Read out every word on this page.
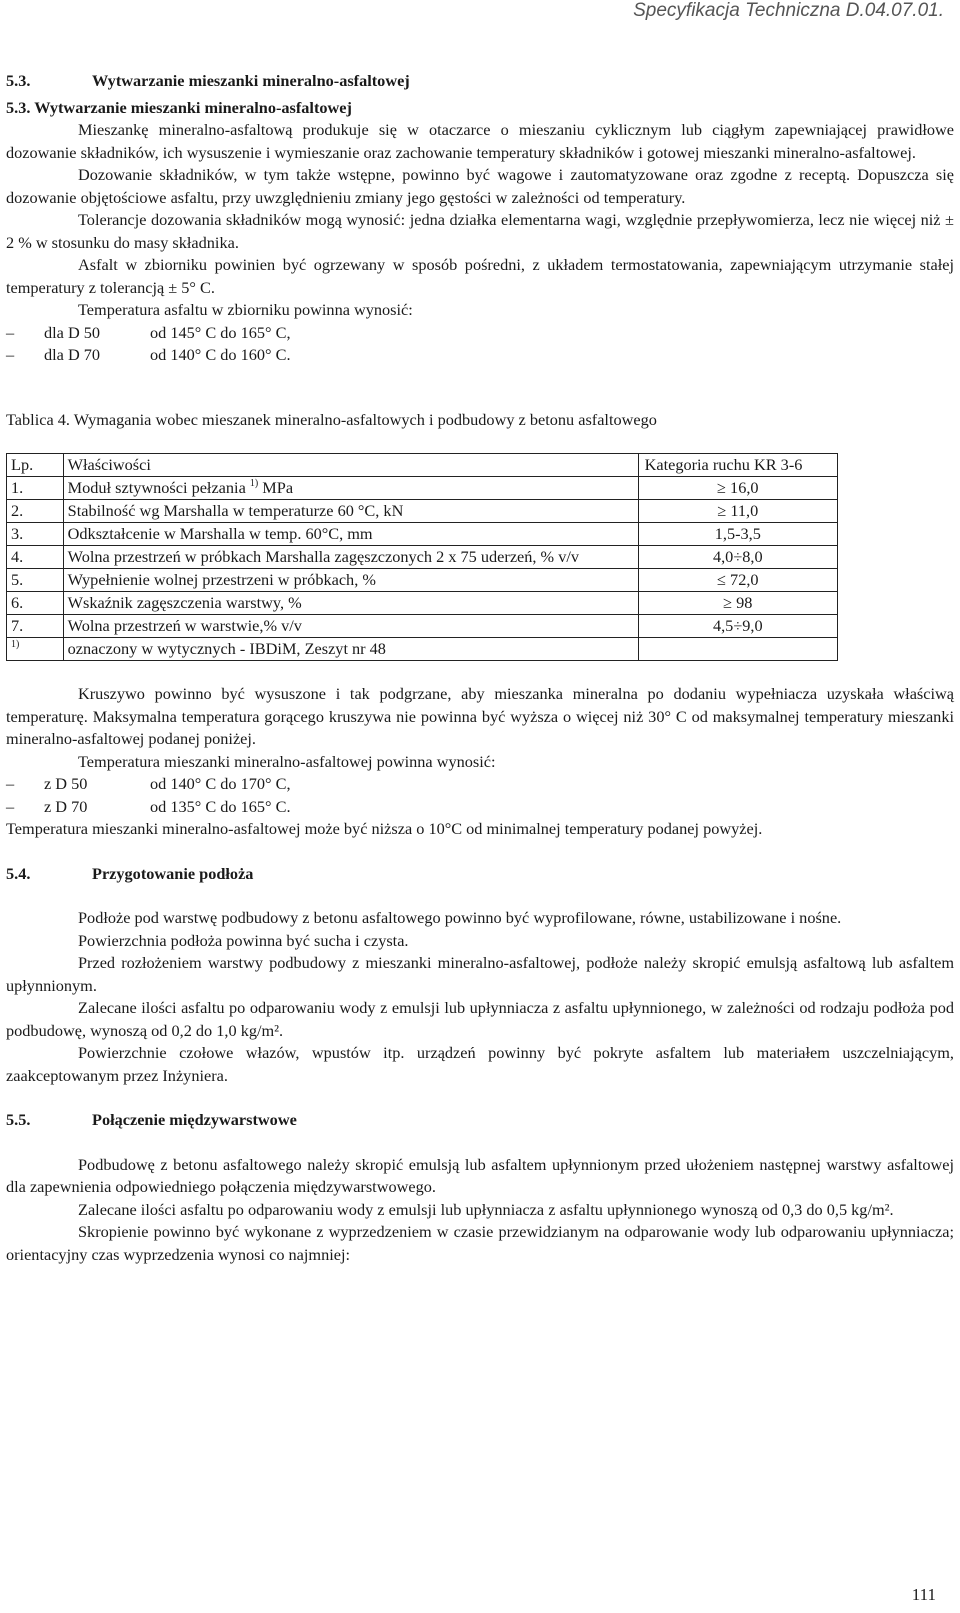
Specyfikacja Techniczna D.04.07.01.

5.3.	Wytwarzanie mieszanki mineralno-asfaltowej

5.3. Wytwarzanie mieszanki mineralno-asfaltowej

Mieszankę mineralno-asfaltową produkuje się w otaczarce o mieszaniu cyklicznym lub ciągłym zapewniającej prawidłowe dozowanie składników, ich wysuszenie i wymieszanie oraz zachowanie temperatury składników i gotowej mieszanki mineralno-asfaltowej.

Dozowanie składników, w tym także wstępne, powinno być wagowe i zautomatyzowane oraz zgodne z receptą. Dopuszcza się dozowanie objętościowe asfaltu, przy uwzględnieniu zmiany jego gęstości w zależności od temperatury.

Tolerancje dozowania składników mogą wynosić: jedna działka elementarna wagi, względnie przepływomierza, lecz nie więcej niż ± 2 % w stosunku do masy składnika.

Asfalt w zbiorniku powinien być ogrzewany w sposób pośredni, z układem termostatowania, zapewniającym utrzymanie stałej temperatury z tolerancją ± 5° C.

Temperatura asfaltu w zbiorniku powinna wynosić:

–	dla D 50	od 145° C do 165° C,
–	dla D 70	od 140° C do 160° C.

Tablica 4. Wymagania wobec mieszanek mineralno-asfaltowych i podbudowy z betonu asfaltowego

Lp.	Właściwości	Kategoria ruchu KR 3-6
1.	Moduł sztywności pełzania $^{1)}$ MPa	≥ 16,0
2.	Stabilność wg Marshalla w temperaturze 60 °C, kN	≥ 11,0
3.	Odkształcenie w Marshalla w temp. 60°C, mm	1,5-3,5
4.	Wolna przestrzeń w próbkach Marshalla zagęszczonych 2 x 75 uderzeń, % v/v	4,0÷8,0
5.	Wypełnienie wolnej przestrzeni w próbkach, %	≤ 72,0
6.	Wskaźnik zagęszczenia warstwy, %	≥ 98
7.	Wolna przestrzeń w warstwie,% v/v	4,5÷9,0
$^{1)}$	oznaczony w wytycznych - IBDiM, Zeszyt nr 48	

Kruszywo powinno być wysuszone i tak podgrzane, aby mieszanka mineralna po dodaniu wypełniacza uzyskała właściwą temperaturę. Maksymalna temperatura gorącego kruszywa nie powinna być wyższa o więcej niż 30° C od maksymalnej temperatury mieszanki mineralno-asfaltowej podanej poniżej.

Temperatura mieszanki mineralno-asfaltowej powinna wynosić:

–	z D 50	od 140° C do 170° C,
–	z D 70	od 135° C do 165° C.

Temperatura mieszanki mineralno-asfaltowej może być niższa o 10°C od minimalnej temperatury podanej powyżej.

5.4.	Przygotowanie podłoża

Podłoże pod warstwę podbudowy z betonu asfaltowego powinno być wyprofilowane, równe, ustabilizowane i nośne.

Powierzchnia podłoża powinna być sucha i czysta.

Przed rozłożeniem warstwy podbudowy z mieszanki mineralno-asfaltowej, podłoże należy skropić emulsją asfaltową lub asfaltem upłynnionym.

Zalecane ilości asfaltu po odparowaniu wody z emulsji lub upłynniacza z asfaltu upłynnionego, w zależności od rodzaju podłoża pod podbudowę, wynoszą od 0,2 do 1,0 kg/m².

Powierzchnie czołowe włazów, wpustów itp. urządzeń powinny być pokryte asfaltem lub materiałem uszczelniającym, zaakceptowanym przez Inżyniera.

5.5.	Połączenie międzywarstwowe

Podbudowę z betonu asfaltowego należy skropić emulsją lub asfaltem upłynnionym przed ułożeniem następnej warstwy asfaltowej dla zapewnienia odpowiedniego połączenia międzywarstwowego.

Zalecane ilości asfaltu po odparowaniu wody z emulsji lub upłynniacza z asfaltu upłynnionego wynoszą od 0,3 do 0,5 kg/m².

Skropienie powinno być wykonane z wyprzedzeniem w czasie przewidzianym na odparowanie wody lub odparowaniu upłynniacza; orientacyjny czas wyprzedzenia wynosi co najmniej:

111
